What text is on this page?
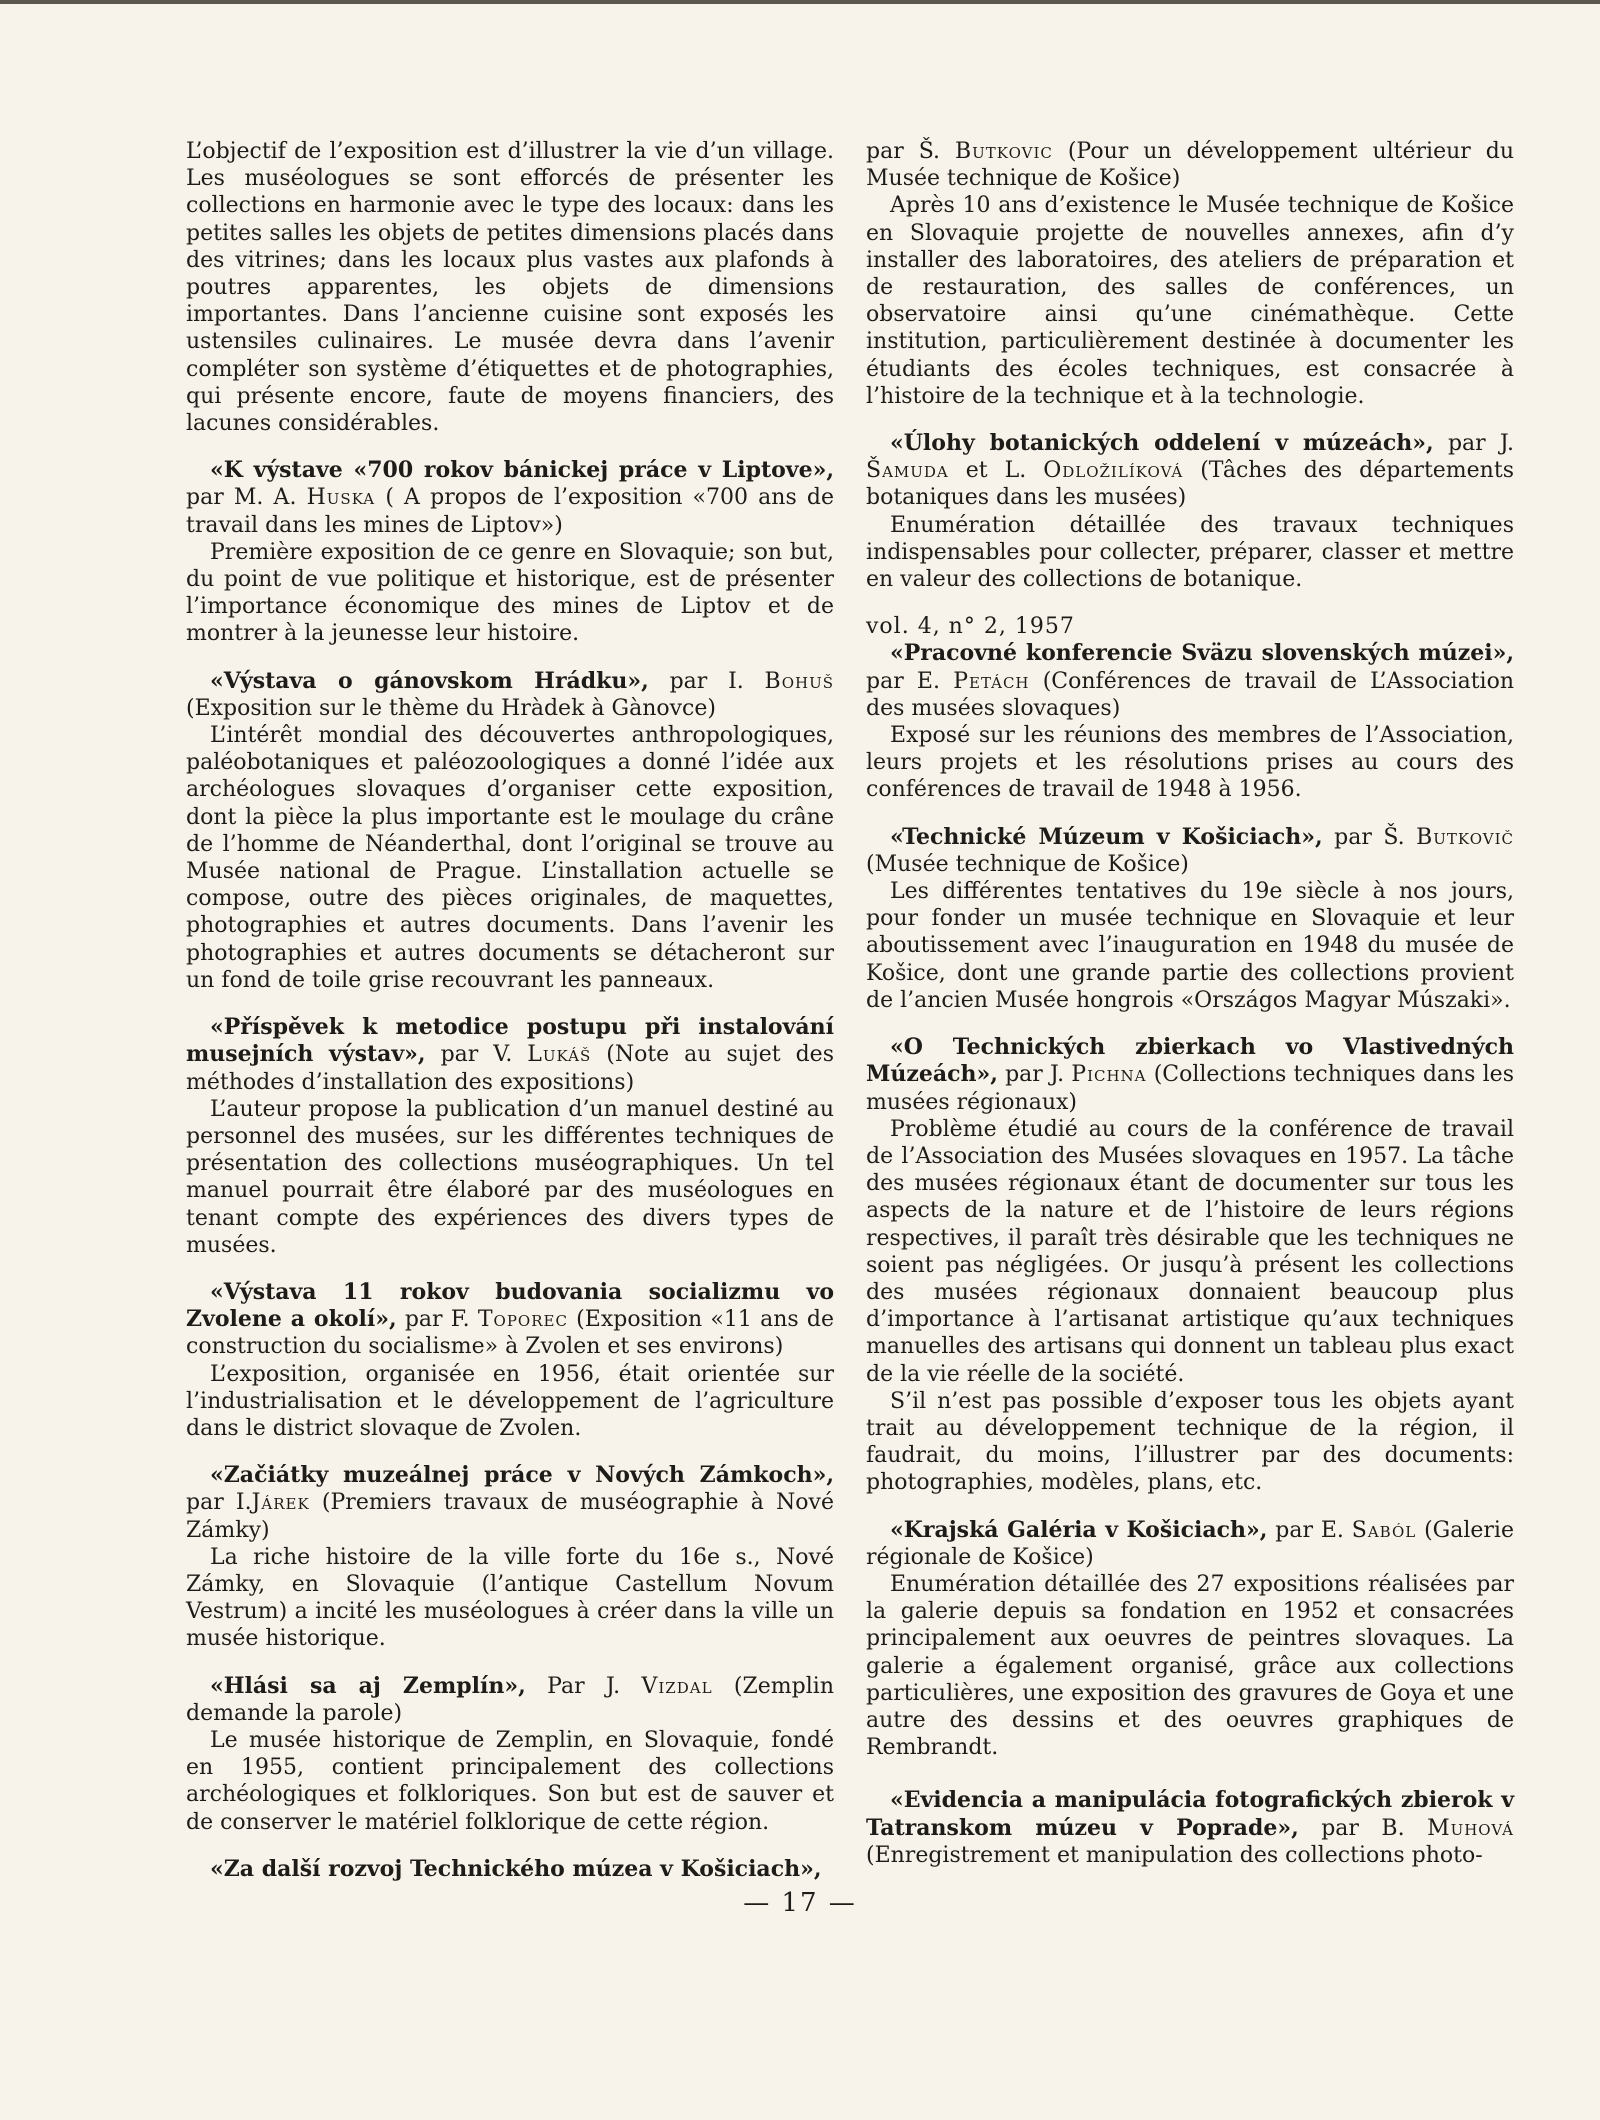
L’objectif de l’exposition est d’illustrer la vie d’un village. Les muséologues se sont efforcés de présenter les collections en harmonie avec le type des locaux: dans les petites salles les objets de petites dimensions placés dans des vitrines; dans les locaux plus vastes aux plafonds à poutres apparentes, les objets de dimensions importantes. Dans l’ancienne cuisine sont exposés les ustensiles culinaires. Le musée devra dans l’avenir compléter son système d’étiquettes et de photographies, qui présente encore, faute de moyens financiers, des lacunes considérables.

«K výstave «700 rokov bánickej práce v Liptove», par M. A. Huska ( A propos de l’exposition «700 ans de travail dans les mines de Liptov»)

Première exposition de ce genre en Slovaquie; son but, du point de vue politique et historique, est de présenter l’importance économique des mines de Liptov et de montrer à la jeunesse leur histoire.

«Výstava o gánovskom Hrádku», par I. Bohuš (Exposition sur le thème du Hràdek à Gànovce)

L’intérêt mondial des découvertes anthropologiques, paléobotaniques et paléozoologiques a donné l’idée aux archéologues slovaques d’organiser cette exposition, dont la pièce la plus importante est le moulage du crâne de l’homme de Néanderthal, dont l’original se trouve au Musée national de Prague. L’installation actuelle se compose, outre des pièces originales, de maquettes, photographies et autres documents. Dans l’avenir les photographies et autres documents se détacheront sur un fond de toile grise recouvrant les panneaux.

«Příspěvek k metodice postupu při instalování musejních výstav», par V. Lukáš (Note au sujet des méthodes d’installation des expositions)

L’auteur propose la publication d’un manuel destiné au personnel des musées, sur les différentes techniques de présentation des collections muséographiques. Un tel manuel pourrait être élaboré par des muséologues en tenant compte des expériences des divers types de musées.

«Výstava 11 rokov budovania socializmu vo Zvolene a okolí», par F. Toporec (Exposition «11 ans de construction du socialisme» à Zvolen et ses environs)

L’exposition, organisée en 1956, était orientée sur l’industrialisation et le développement de l’agriculture dans le district slovaque de Zvolen.

«Začiátky muzeálnej práce v Nových Zámkoch», par I.Járek (Premiers travaux de muséographie à Nové Zámky)

La riche histoire de la ville forte du 16e s., Nové Zámky, en Slovaquie (l’antique Castellum Novum Vestrum) a incité les muséologues à créer dans la ville un musée historique.

«Hlási sa aj Zemplín», Par J. Vizdal (Zemplin demande la parole)

Le musée historique de Zemplin, en Slovaquie, fondé en 1955, contient principalement des collections archéologiques et folkloriques. Son but est de sauver et de conserver le matériel folklorique de cette région.

«Za další rozvoj Technického múzea v Košiciach»,

par Š. Butkovic (Pour un développement ultérieur du Musée technique de Košice)

Après 10 ans d’existence le Musée technique de Košice en Slovaquie projette de nouvelles annexes, afin d’y installer des laboratoires, des ateliers de préparation et de restauration, des salles de conférences, un observatoire ainsi qu’une cinémathèque. Cette institution, particulièrement destinée à documenter les étudiants des écoles techniques, est consacrée à l’histoire de la technique et à la technologie.

«Úlohy botanických oddelení v múzeách», par J. Šamuda et L. Odložilíková (Tâches des départements botaniques dans les musées)

Enumération détaillée des travaux techniques indispensables pour collecter, préparer, classer et mettre en valeur des collections de botanique.

vol. 4, n° 2, 1957

«Pracovné konferencie Sväzu slovenských múzei», par E. Petách (Conférences de travail de L’Association des musées slovaques)

Exposé sur les réunions des membres de l’Association, leurs projets et les résolutions prises au cours des conférences de travail de 1948 à 1956.

«Technické Múzeum v Košiciach», par Š. Butkovič (Musée technique de Košice)

Les différentes tentatives du 19e siècle à nos jours, pour fonder un musée technique en Slovaquie et leur aboutissement avec l’inauguration en 1948 du musée de Košice, dont une grande partie des collections provient de l’ancien Musée hongrois «Országos Magyar Múszaki».

«O Technických zbierkach vo Vlastivedných Múzeách», par J. Pichna (Collections techniques dans les musées régionaux)

Problème étudié au cours de la conférence de travail de l’Association des Musées slovaques en 1957. La tâche des musées régionaux étant de documenter sur tous les aspects de la nature et de l’histoire de leurs régions respectives, il paraît très désirable que les techniques ne soient pas négligées. Or jusqu’à présent les collections des musées régionaux donnaient beaucoup plus d’importance à l’artisanat artistique qu’aux techniques manuelles des artisans qui donnent un tableau plus exact de la vie réelle de la société.

S’il n’est pas possible d’exposer tous les objets ayant trait au développement technique de la région, il faudrait, du moins, l’illustrer par des documents: photographies, modèles, plans, etc.

«Krajská Galéria v Košiciach», par E. Saból (Galerie régionale de Košice)

Enumération détaillée des 27 expositions réalisées par la galerie depuis sa fondation en 1952 et consacrées principalement aux oeuvres de peintres slovaques. La galerie a également organisé, grâce aux collections particulières, une exposition des gravures de Goya et une autre des dessins et des oeuvres graphiques de Rembrandt.

«Evidencia a manipulácia fotografických zbierok v Tatranskom múzeu v Poprade», par B. Muhová (Enregistrement et manipulation des collections photo-

— 17 —
